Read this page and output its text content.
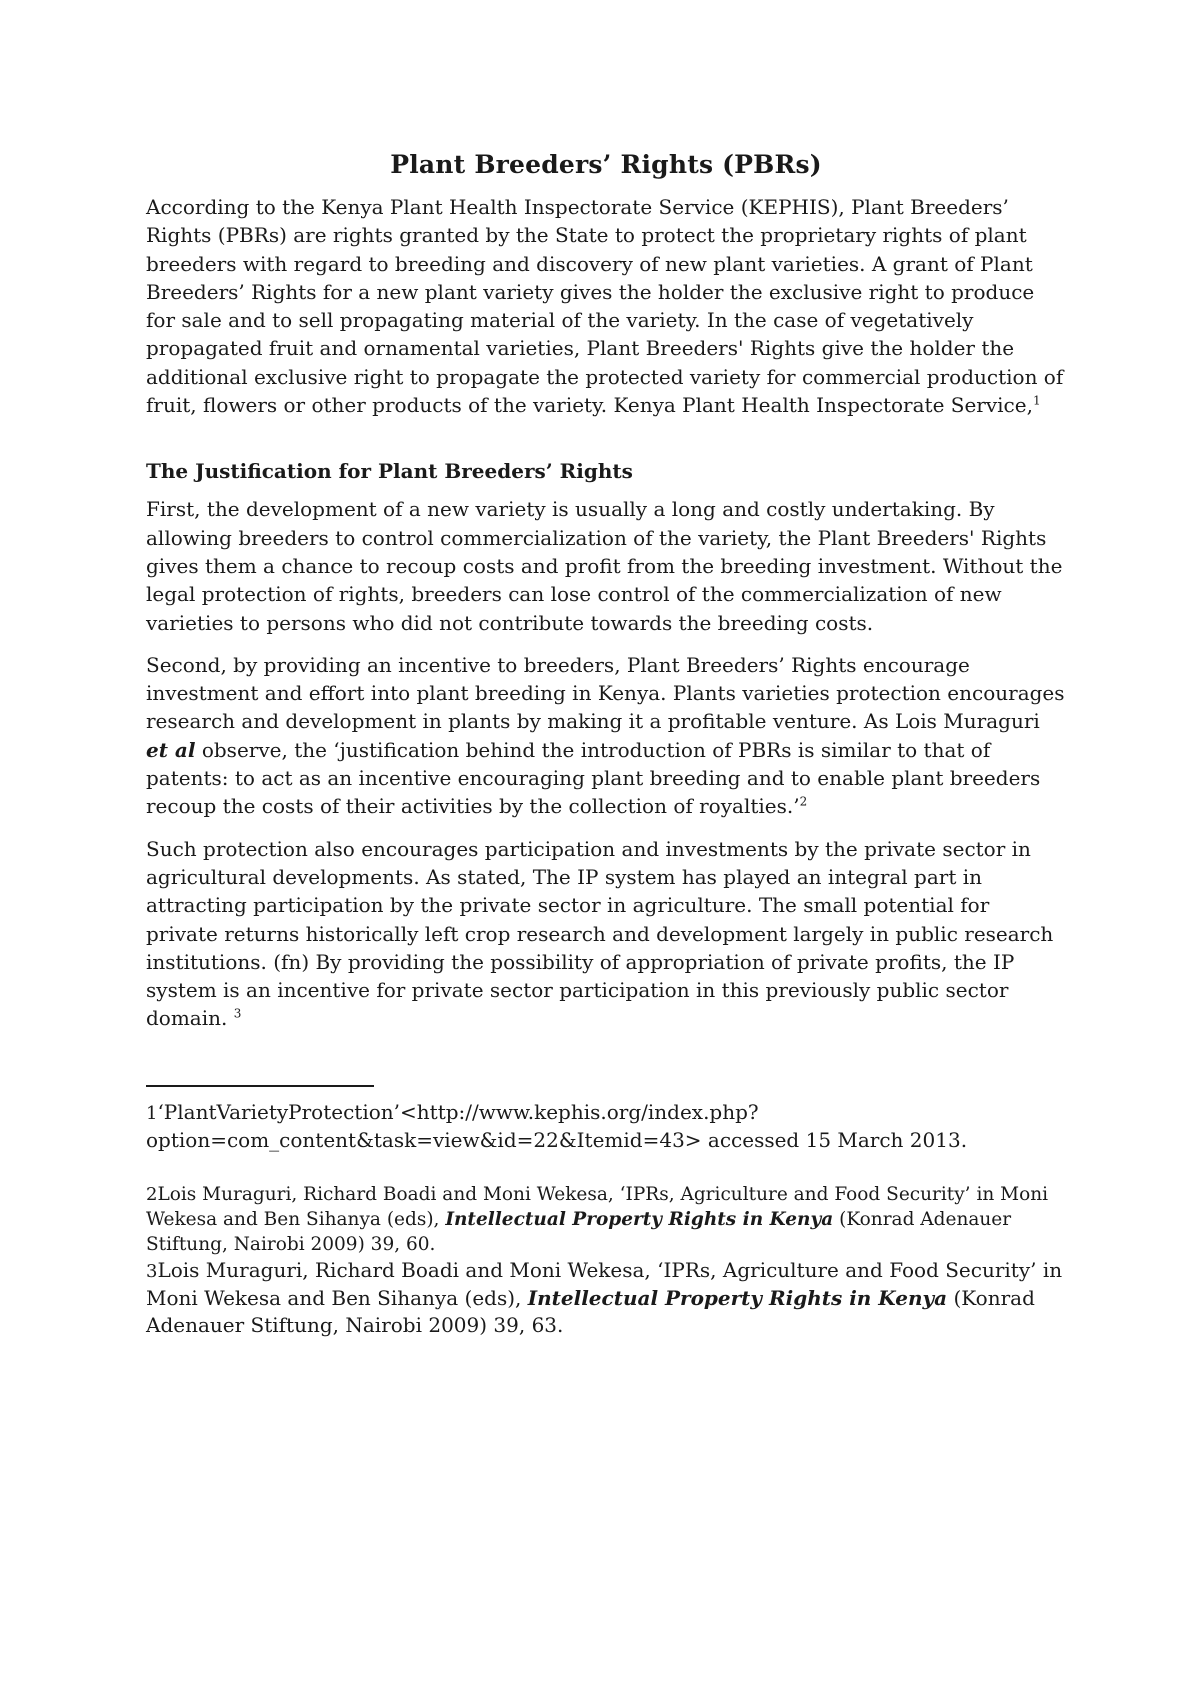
Plant Breeders’ Rights (PBRs)

According to the Kenya Plant Health Inspectorate Service (KEPHIS), Plant Breeders’ Rights (PBRs) are rights granted by the State to protect the proprietary rights of plant breeders with regard to breeding and discovery of new plant varieties. A grant of Plant Breeders’ Rights for a new plant variety gives the holder the exclusive right to produce for sale and to sell propagating material of the variety. In the case of vegetatively propagated fruit and ornamental varieties, Plant Breeders' Rights give the holder the additional exclusive right to propagate the protected variety for commercial production of fruit, flowers or other products of the variety. Kenya Plant Health Inspectorate Service,$^1$

The Justification for Plant Breeders’ Rights

First, the development of a new variety is usually a long and costly undertaking. By allowing breeders to control commercialization of the variety, the Plant Breeders' Rights gives them a chance to recoup costs and profit from the breeding investment. Without the legal protection of rights, breeders can lose control of the commercialization of new varieties to persons who did not contribute towards the breeding costs.

Second, by providing an incentive to breeders, Plant Breeders’ Rights encourage investment and effort into plant breeding in Kenya. Plants varieties protection encourages research and development in plants by making it a profitable venture. As Lois Muraguri et al observe, the ‘justification behind the introduction of PBRs is similar to that of patents: to act as an incentive encouraging plant breeding and to enable plant breeders recoup the costs of their activities by the collection of royalties.’$^2$

Such protection also encourages participation and investments by the private sector in agricultural developments. As stated, The IP system has played an integral part in attracting participation by the private sector in agriculture. The small potential for private returns historically left crop research and development largely in public research institutions. (fn) By providing the possibility of appropriation of private profits, the IP system is an incentive for private sector participation in this previously public sector domain. $^3$

1‘PlantVarietyProtection’<http://www.kephis.org/index.php? option=com_content&task=view&id=22&Itemid=43> accessed 15 March 2013.

2Lois Muraguri, Richard Boadi and Moni Wekesa, ‘IPRs, Agriculture and Food Security’ in Moni Wekesa and Ben Sihanya (eds), Intellectual Property Rights in Kenya (Konrad Adenauer Stiftung, Nairobi 2009) 39, 60.

3Lois Muraguri, Richard Boadi and Moni Wekesa, ‘IPRs, Agriculture and Food Security’ in Moni Wekesa and Ben Sihanya (eds), Intellectual Property Rights in Kenya (Konrad Adenauer Stiftung, Nairobi 2009) 39, 63.
